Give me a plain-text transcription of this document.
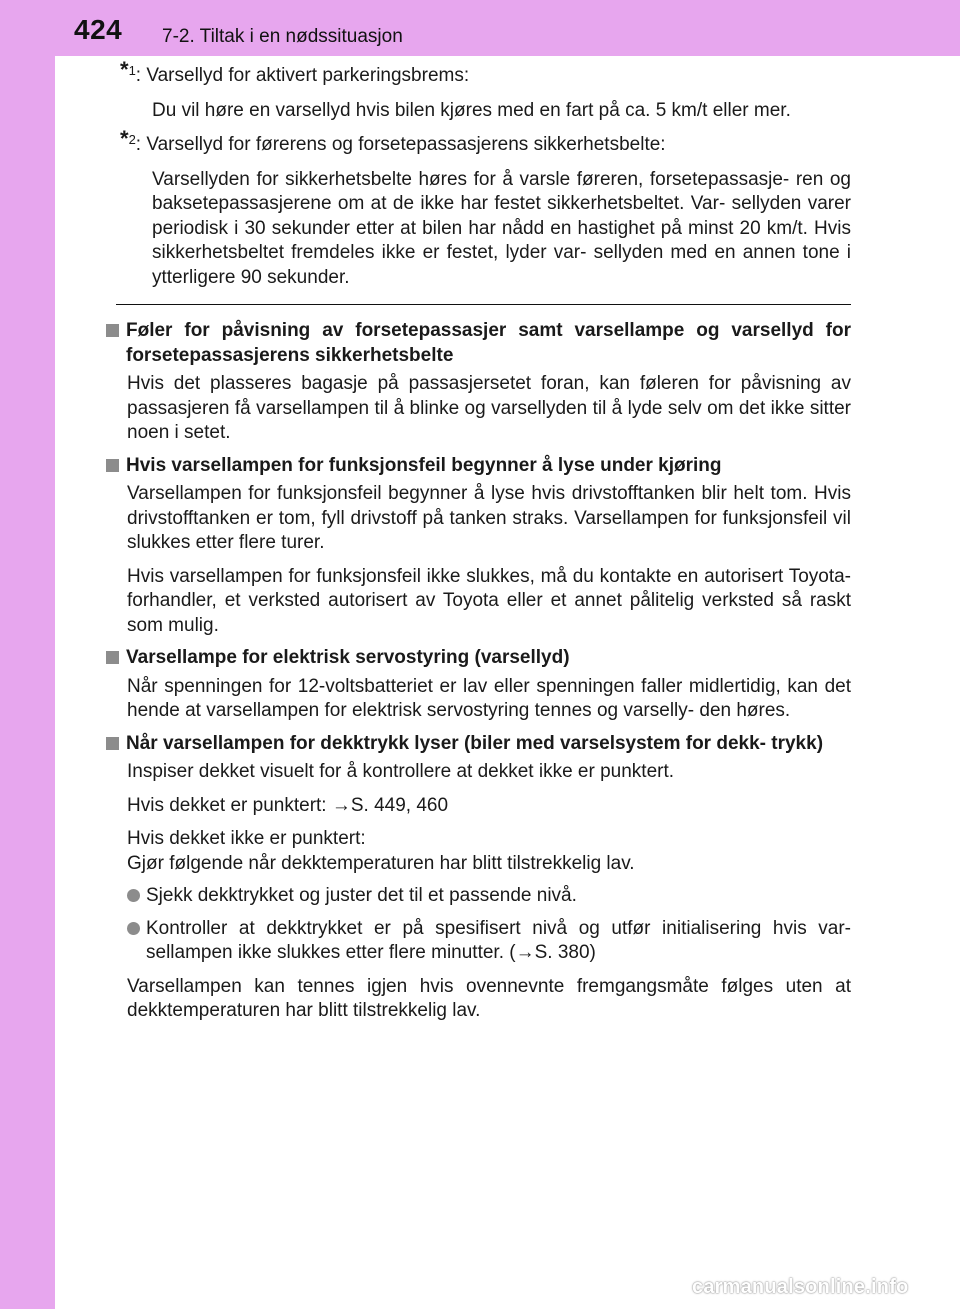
424 7-2. Tiltak i en nødssituasjon

*$^1$: Varsellyd for aktivert parkeringsbrems:

Du vil høre en varsellyd hvis bilen kjøres med en fart på ca. 5 km/t eller mer.

*$^2$: Varsellyd for førerens og forsetepassasjerens sikkerhetsbelte:

Varsellyden for sikkerhetsbelte høres for å varsle føreren, forsetepassasje- ren og baksetepassasjerene om at de ikke har festet sikkerhetsbeltet. Var- sellyden varer periodisk i 30 sekunder etter at bilen har nådd en hastighet på minst 20 km/t. Hvis sikkerhetsbeltet fremdeles ikke er festet, lyder var- sellyden med en annen tone i ytterligere 90 sekunder.

Føler for påvisning av forsetepassasjer samt varsellampe og varsellyd for forsetepassasjerens sikkerhetsbelte

Hvis det plasseres bagasje på passasjersetet foran, kan føleren for påvisning av passasjeren få varsellampen til å blinke og varsellyden til å lyde selv om det ikke sitter noen i setet.

Hvis varsellampen for funksjonsfeil begynner å lyse under kjøring

Varsellampen for funksjonsfeil begynner å lyse hvis drivstofftanken blir helt tom. Hvis drivstofftanken er tom, fyll drivstoff på tanken straks. Varsellampen for funksjonsfeil vil slukkes etter flere turer.

Hvis varsellampen for funksjonsfeil ikke slukkes, må du kontakte en autorisert Toyota-forhandler, et verksted autorisert av Toyota eller et annet pålitelig verksted så raskt som mulig.

Varsellampe for elektrisk servostyring (varsellyd)

Når spenningen for 12-voltsbatteriet er lav eller spenningen faller midlertidig, kan det hende at varsellampen for elektrisk servostyring tennes og varselly- den høres.

Når varsellampen for dekktrykk lyser (biler med varselsystem for dekk- trykk)

Inspiser dekket visuelt for å kontrollere at dekket ikke er punktert.

Hvis dekket er punktert: →S. 449, 460

Hvis dekket ikke er punktert:
Gjør følgende når dekktemperaturen har blitt tilstrekkelig lav.

Sjekk dekktrykket og juster det til et passende nivå.
Kontroller at dekktrykket er på spesifisert nivå og utfør initialisering hvis var- sellampen ikke slukkes etter flere minutter. (→S. 380)

Varsellampen kan tennes igjen hvis ovennevnte fremgangsmåte følges uten at dekktemperaturen har blitt tilstrekkelig lav.

carmanualsonline.info
